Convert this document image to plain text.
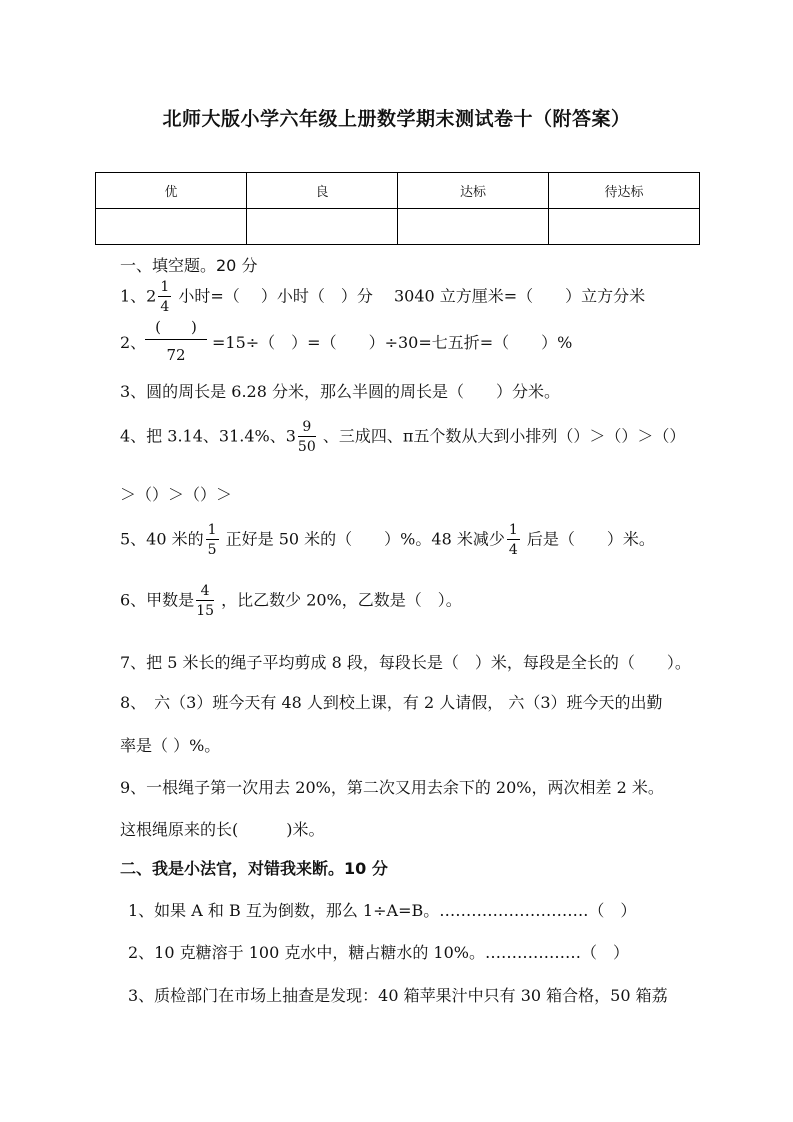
北师大版小学六年级上册数学期末测试卷十（附答案）
优	良	达标	待达标

一、填空题。20 分
1、$2 \frac{1}{4}$ 小时=（　 ）小时（　）分　 3040 立方厘米=（　　）立方分米
2、
(　　)
72
=15÷（　）=（　　）÷30=七五折=（　　）%
3、圆的周长是 6.28 分米，那么半圆的周长是（　　）分米。
4、把 3.14、31.4%、$3 \frac{9}{50}$ 、三成四、π五个数从大到小排列（）＞（）＞（）
＞（）＞（）＞
5、40 米的 $\frac{1}{5}$ 正好是 50 米的（　　）%。48 米减少 $\frac{1}{4}$ 后是（　　）米。
6、甲数是 $\frac{4}{15}$ ，比乙数少 20%，乙数是（　）。
7、把 5 米长的绳子平均剪成 8 段，每段长是（　）米，每段是全长的（　　）。
8、　六（3）班今天有 48 人到校上课，有 2 人请假， 六（3）班今天的出勤
率是（ ）%。
9、一根绳子第一次用去 20%，第二次又用去余下的 20%，两次相差 2 米。
这根绳原来的长(　　　)米。
二、我是小法官，对错我来断。10 分
1、如果 A 和 B 互为倒数，那么 1÷A=B。……………………….（　）
2、10 克糖溶于 100 克水中，糖占糖水的 10%。………………（　）
3、质检部门在市场上抽查是发现：40 箱苹果汁中只有 30 箱合格，50 箱荔
